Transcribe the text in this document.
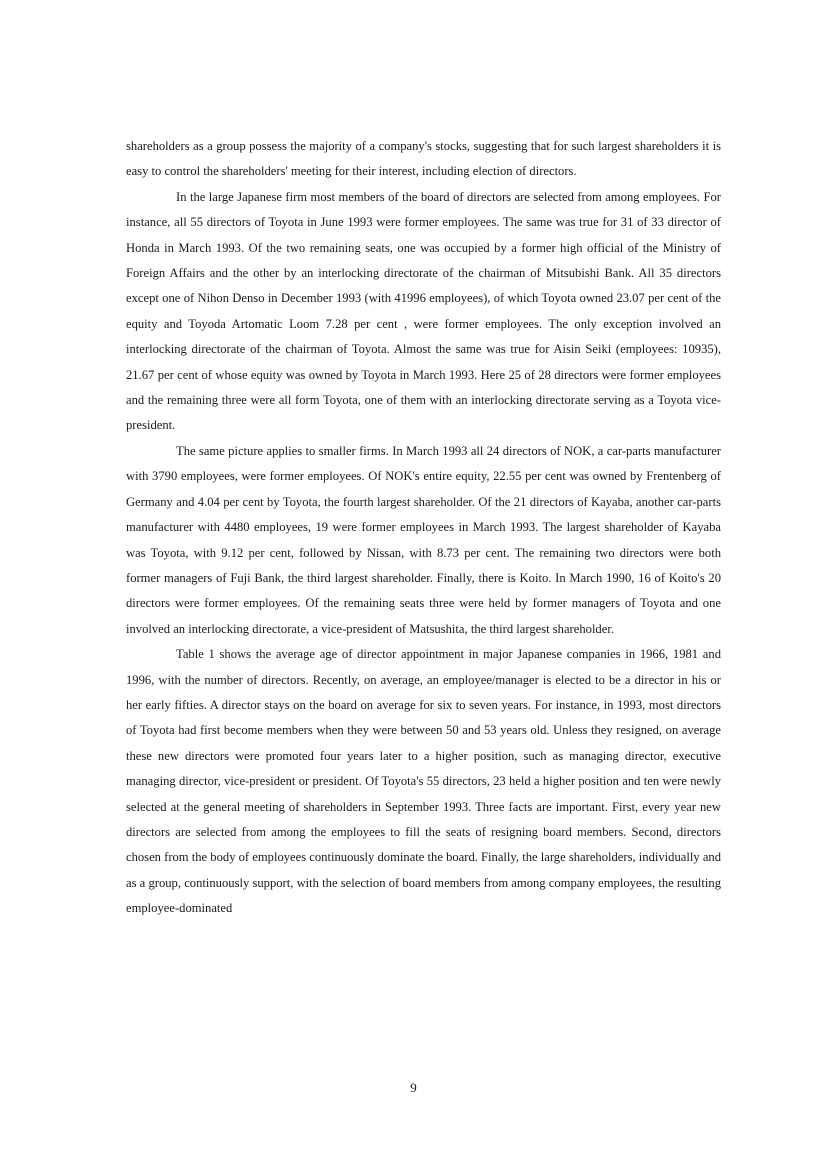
shareholders as a group possess the majority of a company's stocks, suggesting that for such largest shareholders it is easy to control the shareholders' meeting for their interest, including election of directors.

In the large Japanese firm most members of the board of directors are selected from among employees. For instance, all 55 directors of Toyota in June 1993 were former employees. The same was true for 31 of 33 director of Honda in March 1993. Of the two remaining seats, one was occupied by a former high official of the Ministry of Foreign Affairs and the other by an interlocking directorate of the chairman of Mitsubishi Bank. All 35 directors except one of Nihon Denso in December 1993 (with 41996 employees), of which Toyota owned 23.07 per cent of the equity and Toyoda Artomatic Loom 7.28 per cent , were former employees. The only exception involved an interlocking directorate of the chairman of Toyota. Almost the same was true for Aisin Seiki (employees: 10935), 21.67 per cent of whose equity was owned by Toyota in March 1993. Here 25 of 28 directors were former employees and the remaining three were all form Toyota, one of them with an interlocking directorate serving as a Toyota vice-president.

The same picture applies to smaller firms. In March 1993 all 24 directors of NOK, a car-parts manufacturer with 3790 employees, were former employees. Of NOK's entire equity, 22.55 per cent was owned by Frentenberg of Germany and 4.04 per cent by Toyota, the fourth largest shareholder. Of the 21 directors of Kayaba, another car-parts manufacturer with 4480 employees, 19 were former employees in March 1993. The largest shareholder of Kayaba was Toyota, with 9.12 per cent, followed by Nissan, with 8.73 per cent. The remaining two directors were both former managers of Fuji Bank, the third largest shareholder. Finally, there is Koito. In March 1990, 16 of Koito's 20 directors were former employees. Of the remaining seats three were held by former managers of Toyota and one involved an interlocking directorate, a vice-president of Matsushita, the third largest shareholder.

Table 1 shows the average age of director appointment in major Japanese companies in 1966, 1981 and 1996, with the number of directors. Recently, on average, an employee/manager is elected to be a director in his or her early fifties. A director stays on the board on average for six to seven years. For instance, in 1993, most directors of Toyota had first become members when they were between 50 and 53 years old. Unless they resigned, on average these new directors were promoted four years later to a higher position, such as managing director, executive managing director, vice-president or president. Of Toyota's 55 directors, 23 held a higher position and ten were newly selected at the general meeting of shareholders in September 1993. Three facts are important. First, every year new directors are selected from among the employees to fill the seats of resigning board members. Second, directors chosen from the body of employees continuously dominate the board. Finally, the large shareholders, individually and as a group, continuously support, with the selection of board members from among company employees, the resulting employee-dominated

9
